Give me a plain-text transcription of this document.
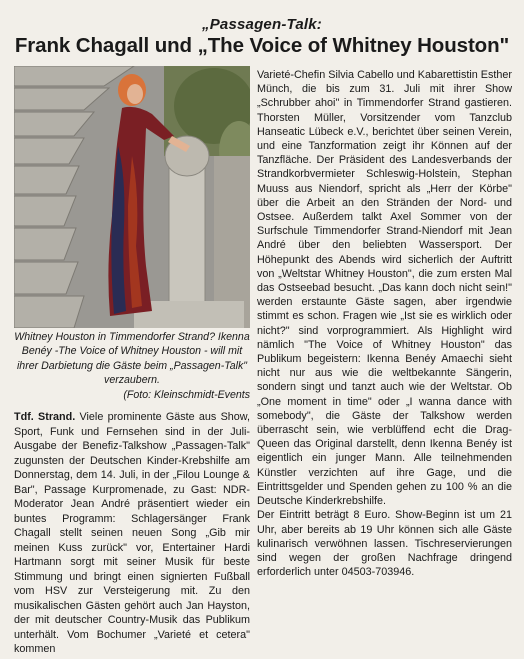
„Passagen-Talk:
Frank Chagall und „The Voice of Whitney Houston"
Whitney Houston in Timmendorfer Strand? Ikenna Benéy -The Voice of Whitney Houston - will mit ihrer Darbietung die Gäste beim „Passagen-Talk" verzaubern.
(Foto: Kleinschmidt-Events

Tdf. Strand. Viele prominente Gäste aus Show, Sport, Funk und Fernsehen sind in der Juli-Ausgabe der Benefiz-Talkshow „Passagen-Talk" zugunsten der Deutschen Kinder-Krebshilfe am Donnerstag, dem 14. Juli, in der „Filou Lounge & Bar", Passage Kurpromenade, zu Gast: NDR-Moderator Jean André präsentiert wieder ein buntes Programm: Schlagersänger Frank Chagall stellt seinen neuen Song „Gib mir meinen Kuss zurück" vor, Entertainer Hardi Hartmann sorgt mit seiner Musik für beste Stimmung und bringt einen signierten Fußball vom HSV zur Versteigerung mit. Zu den musikalischen Gästen gehört auch Jan Hayston, der mit deutscher Country-Musik das Publikum unterhält. Vom Bochumer „Varieté et cetera" kommen

Varieté-Chefin Silvia Cabello und Kabarettistin Esther Münch, die bis zum 31. Juli mit ihrer Show „Schrubber ahoi" in Timmendorfer Strand gastieren. Thorsten Müller, Vorsitzender vom Tanzclub Hanseatic Lübeck e.V., berichtet über seinen Verein, und eine Tanzformation zeigt ihr Können auf der Tanzfläche. Der Präsident des Landesverbands der Strandkorbvermieter Schleswig-Holstein, Stephan Muuss aus Niendorf, spricht als „Herr der Körbe" über die Arbeit an den Stränden der Nord- und Ostsee. Außerdem talkt Axel Sommer von der Surfschule Timmendorfer Strand-Niendorf mit Jean André über den beliebten Wassersport. Der Höhepunkt des Abends wird sicherlich der Auftritt von „Weltstar Whitney Houston", die zum ersten Mal das Ostseebad besucht. „Das kann doch nicht sein!" werden erstaunte Gäste sagen, aber irgendwie stimmt es schon. Fragen wie „Ist sie es wirklich oder nicht?" sind vorprogrammiert. Als Highlight wird nämlich "The Voice of Whitney Houston" das Publikum begeistern: Ikenna Benéy Amaechi sieht nicht nur aus wie die weltbekannte Sängerin, sondern singt und tanzt auch wie der Weltstar. Ob „One moment in time" oder „I wanna dance with somebody", die Gäste der Talkshow werden überrascht sein, wie verblüffend echt die Drag-Queen das Original darstellt, denn Ikenna Benéy ist eigentlich ein junger Mann. Alle teilnehmenden Künstler verzichten auf ihre Gage, und die Eintrittsgelder und Spenden gehen zu 100 % an die Deutsche Kinderkrebshilfe.

Der Eintritt beträgt 8 Euro. Show-Beginn ist um 21 Uhr, aber bereits ab 19 Uhr können sich alle Gäste kulinarisch verwöhnen lassen. Tischreservierungen sind wegen der großen Nachfrage dringend erforderlich unter 04503-703946.
